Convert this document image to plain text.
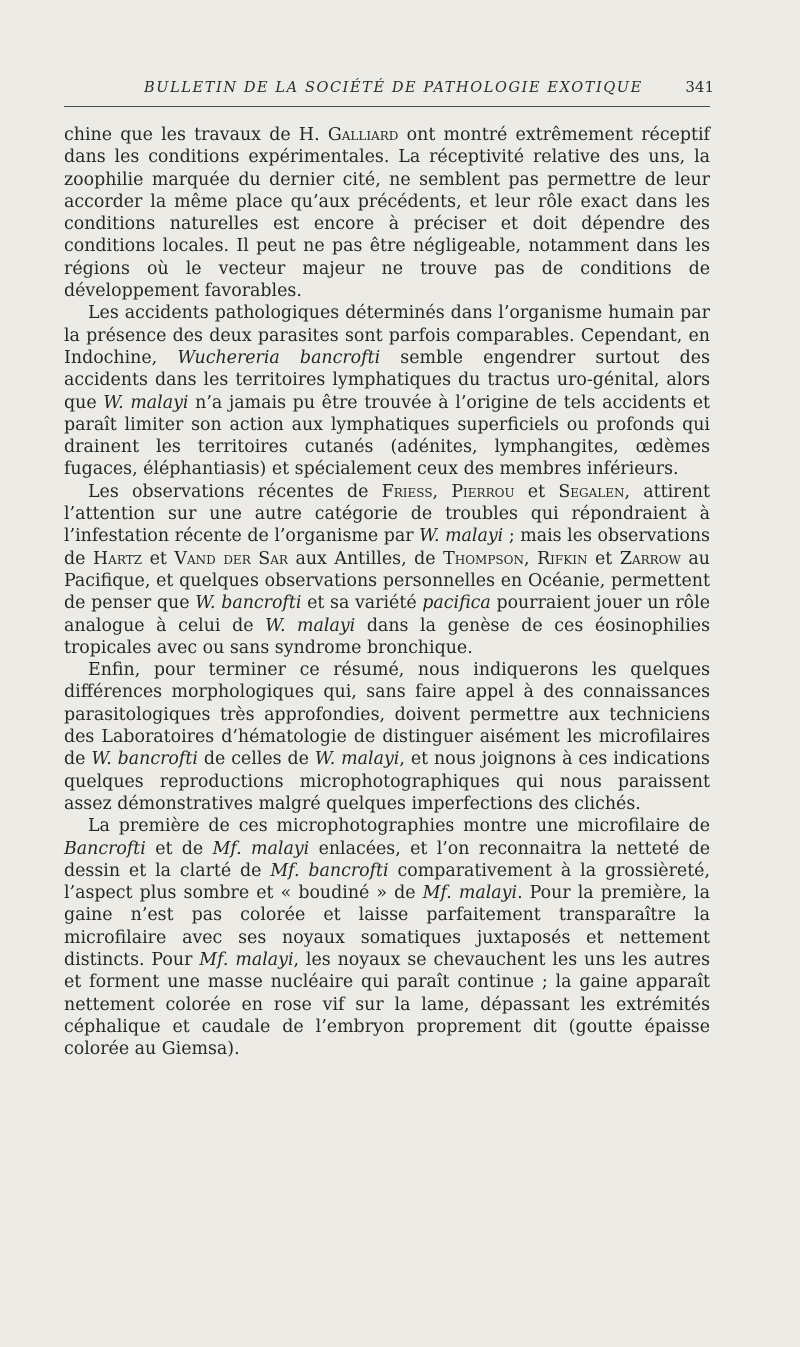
BULLETIN DE LA SOCIÉTÉ DE PATHOLOGIE EXOTIQUE	341

chine que les travaux de H. Galliard ont montré extrêmement réceptif dans les conditions expérimentales. La réceptivité relative des uns, la zoophilie marquée du dernier cité, ne semblent pas permettre de leur accorder la même place qu’aux précédents, et leur rôle exact dans les conditions naturelles est encore à préciser et doit dépendre des conditions locales. Il peut ne pas être négligeable, notamment dans les régions où le vecteur majeur ne trouve pas de conditions de développement favorables.

Les accidents pathologiques déterminés dans l’organisme humain par la présence des deux parasites sont parfois comparables. Cependant, en Indochine, Wuchereria bancrofti semble engendrer surtout des accidents dans les territoires lymphatiques du tractus uro-génital, alors que W. malayi n’a jamais pu être trouvée à l’origine de tels accidents et paraît limiter son action aux lymphatiques superficiels ou profonds qui drainent les territoires cutanés (adénites, lymphangites, œdèmes fugaces, éléphantiasis) et spécialement ceux des membres inférieurs.

Les observations récentes de Friess, Pierrou et Segalen, attirent l’attention sur une autre catégorie de troubles qui répondraient à l’infestation récente de l’organisme par W. malayi ; mais les observations de Hartz et Vand der Sar aux Antilles, de Thompson, Rifkin et Zarrow au Pacifique, et quelques observations personnelles en Océanie, permettent de penser que W. bancrofti et sa variété pacifica pourraient jouer un rôle analogue à celui de W. malayi dans la genèse de ces éosinophilies tropicales avec ou sans syndrome bronchique.

Enfin, pour terminer ce résumé, nous indiquerons les quelques différences morphologiques qui, sans faire appel à des connaissances parasitologiques très approfondies, doivent permettre aux techniciens des Laboratoires d’hématologie de distinguer aisément les microfilaires de W. bancrofti de celles de W. malayi, et nous joignons à ces indications quelques reproductions microphotographiques qui nous paraissent assez démonstratives malgré quelques imperfections des clichés.

La première de ces microphotographies montre une microfilaire de Bancrofti et de Mf. malayi enlacées, et l’on reconnaitra la netteté de dessin et la clarté de Mf. bancrofti comparativement à la grossièreté, l’aspect plus sombre et « boudiné » de Mf. malayi. Pour la première, la gaine n’est pas colorée et laisse parfaitement transparaître la microfilaire avec ses noyaux somatiques juxtaposés et nettement distincts. Pour Mf. malayi, les noyaux se chevauchent les uns les autres et forment une masse nucléaire qui paraît continue ; la gaine apparaît nettement colorée en rose vif sur la lame, dépassant les extrémités céphalique et caudale de l’embryon proprement dit (goutte épaisse colorée au Giemsa).
